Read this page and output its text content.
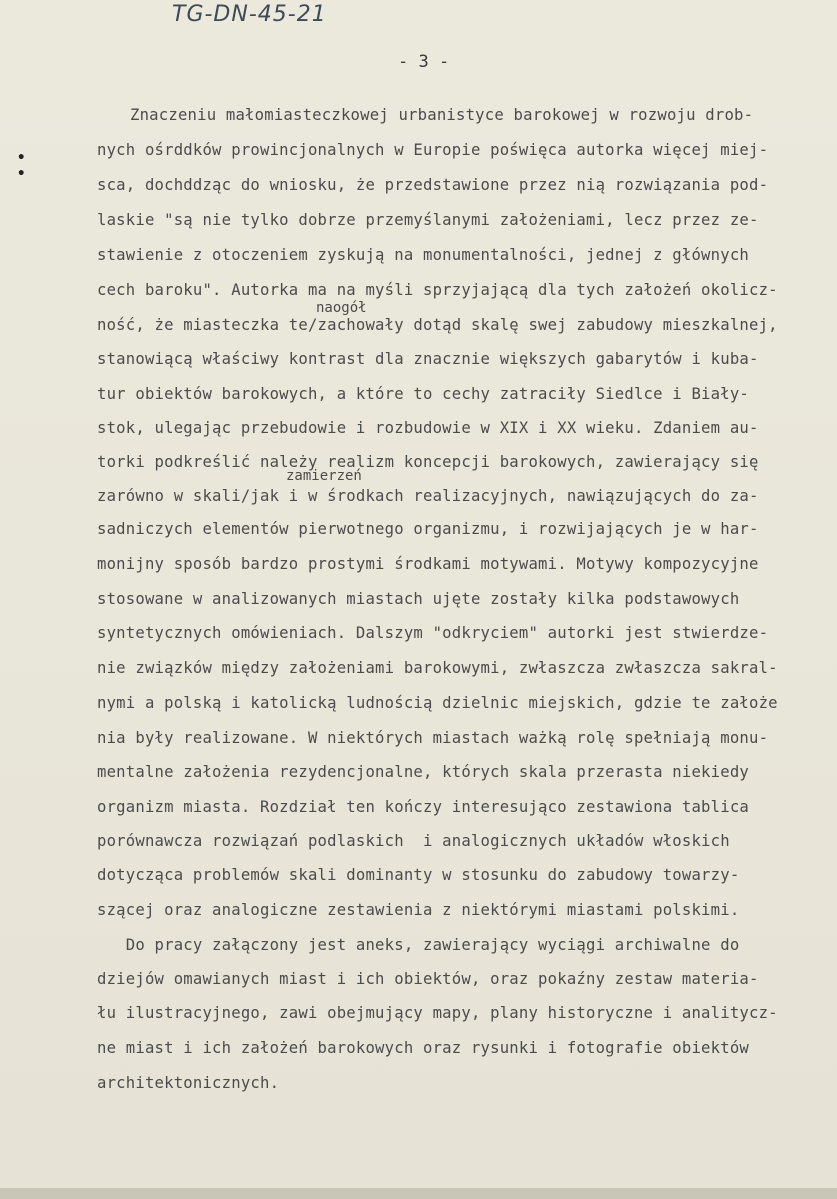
TG-DN-45-21
- 3 -
•
•
naogół
zamierzeń
Znaczeniu małomiasteczkowej urbanistyce barokowej w rozwoju drob-
nych ośrddków prowincjonalnych w Europie poświęca autorka więcej miej-
sca, dochddząc do wniosku, że przedstawione przez nią rozwiązania pod-
laskie "są nie tylko dobrze przemyślanymi założeniami, lecz przez ze-
stawienie z otoczeniem zyskują na monumentalności, jednej z głównych
cech baroku". Autorka ma na myśli sprzyjającą dla tych założeń okolicz-
ność, że miasteczka te/zachowały dotąd skalę swej zabudowy mieszkalnej,
stanowiącą właściwy kontrast dla znacznie większych gabarytów i kuba-
tur obiektów barokowych, a które to cechy zatraciły Siedlce i Biały-
stok, ulegając przebudowie i rozbudowie w XIX i XX wieku. Zdaniem au-
torki podkreślić należy realizm koncepcji barokowych, zawierający się
zarówno w skali/jak i w środkach realizacyjnych, nawiązujących do za-
sadniczych elementów pierwotnego organizmu, i rozwijających je w har-
monijny sposób bardzo prostymi środkami motywami. Motywy kompozycyjne
stosowane w analizowanych miastach ujęte zostały kilka podstawowych
syntetycznych omówieniach. Dalszym "odkryciem" autorki jest stwierdze-
nie związków między założeniami barokowymi, zwłaszcza zwłaszcza sakral-
nymi a polską i katolicką ludnością dzielnic miejskich, gdzie te założe
nia były realizowane. W niektórych miastach ważką rolę spełniają monu-
mentalne założenia rezydencjonalne, których skala przerasta niekiedy
organizm miasta. Rozdział ten kończy interesująco zestawiona tablica
porównawcza rozwiązań podlaskich  i analogicznych układów włoskich
dotycząca problemów skali dominanty w stosunku do zabudowy towarzy-
szącej oraz analogiczne zestawienia z niektórymi miastami polskimi.
Do pracy załączony jest aneks, zawierający wyciągi archiwalne do
dziejów omawianych miast i ich obiektów, oraz pokaźny zestaw materia-
łu ilustracyjnego, zawi obejmujący mapy, plany historyczne i analitycz-
ne miast i ich założeń barokowych oraz rysunki i fotografie obiektów
architektonicznych.
